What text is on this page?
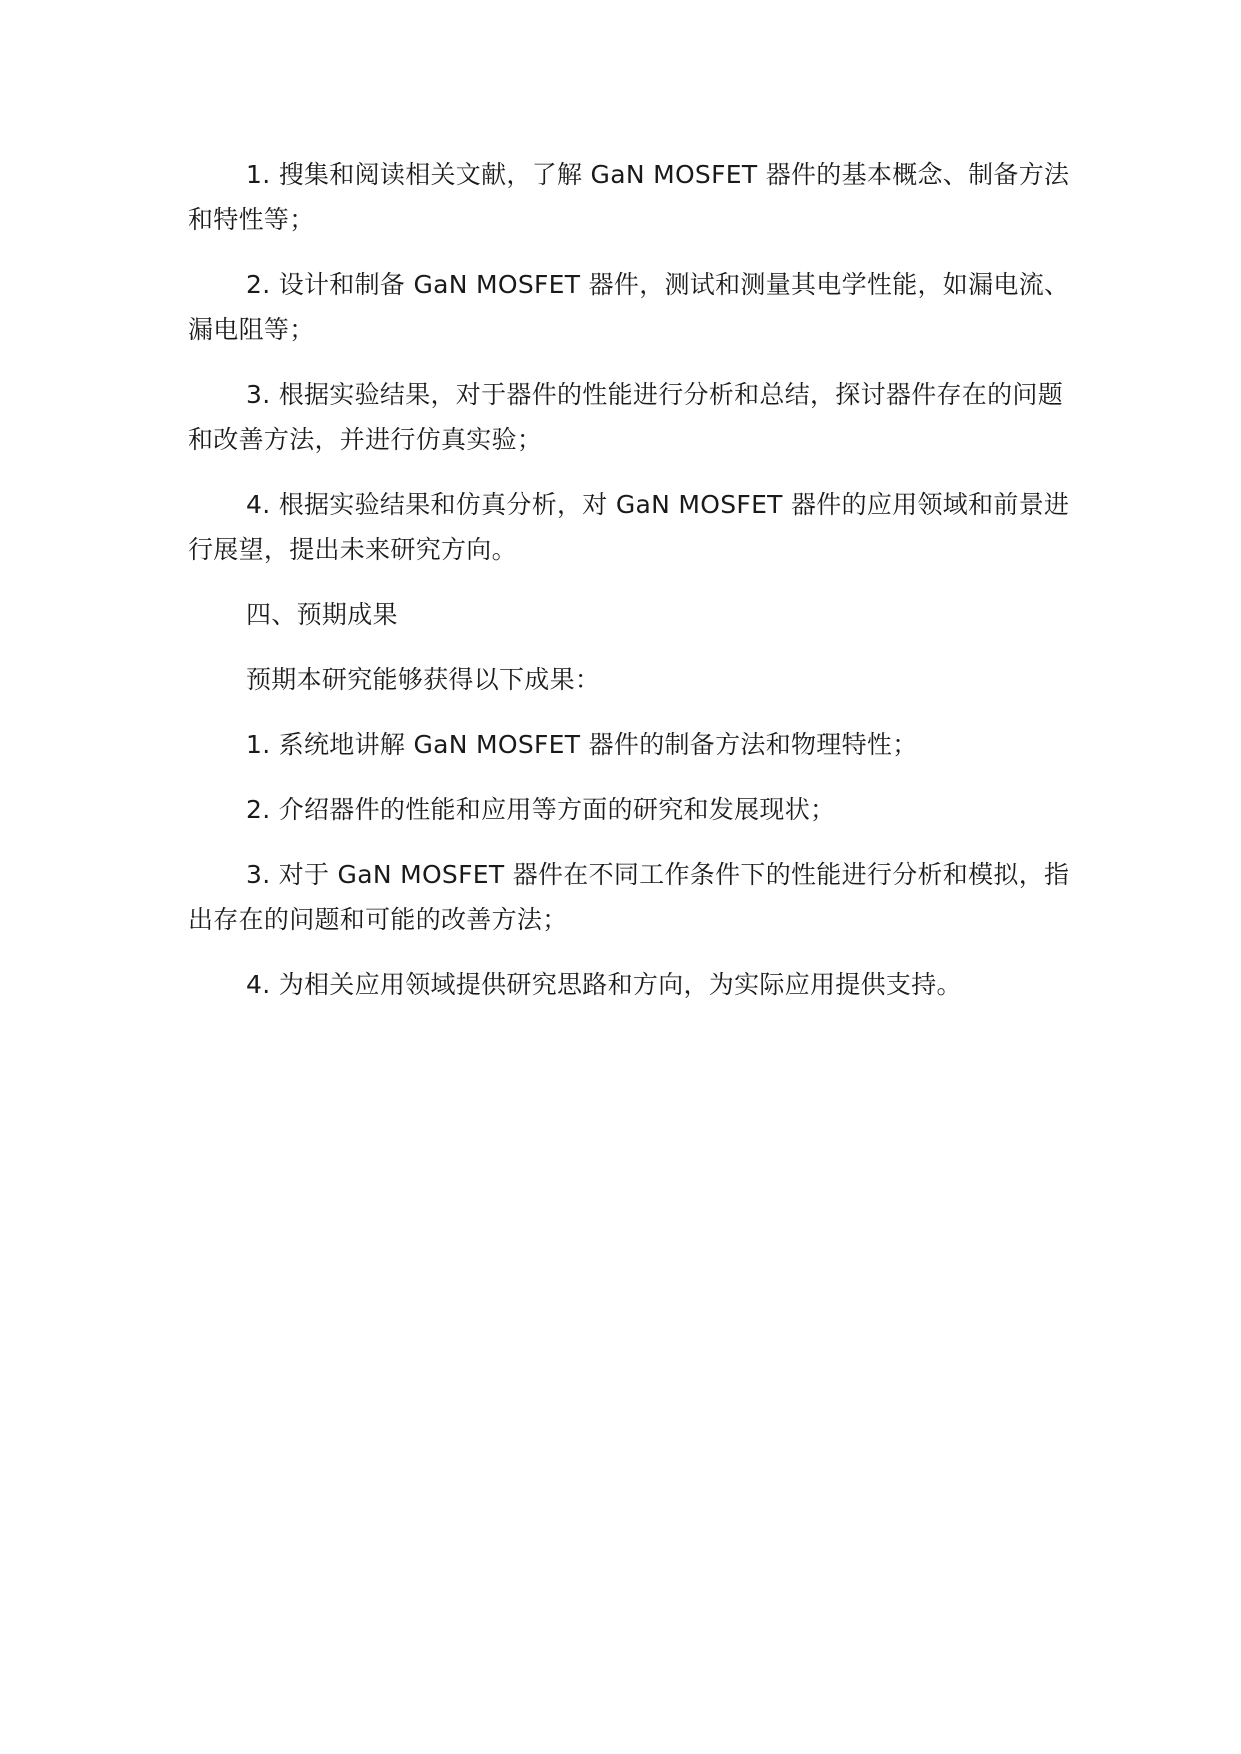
1. 搜集和阅读相关文献，了解 GaN MOSFET 器件的基本概念、制备方法和特性等；

2. 设计和制备 GaN MOSFET 器件，测试和测量其电学性能，如漏电流、漏电阻等；

3. 根据实验结果，对于器件的性能进行分析和总结，探讨器件存在的问题和改善方法，并进行仿真实验；

4. 根据实验结果和仿真分析，对 GaN MOSFET 器件的应用领域和前景进行展望，提出未来研究方向。

四、预期成果

预期本研究能够获得以下成果：

1. 系统地讲解 GaN MOSFET 器件的制备方法和物理特性；

2. 介绍器件的性能和应用等方面的研究和发展现状；

3. 对于 GaN MOSFET 器件在不同工作条件下的性能进行分析和模拟，指出存在的问题和可能的改善方法；

4. 为相关应用领域提供研究思路和方向，为实际应用提供支持。
